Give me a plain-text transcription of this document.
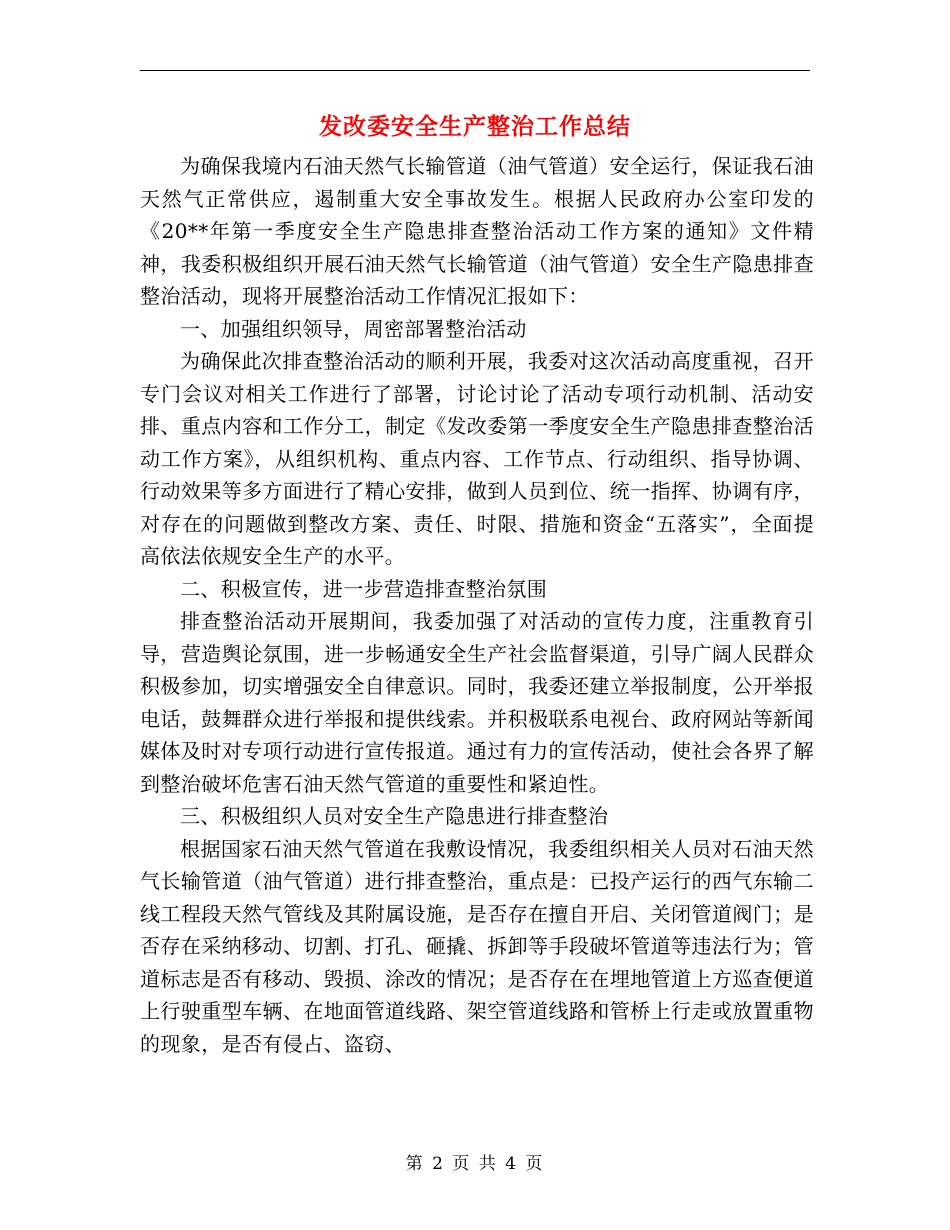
发改委安全生产整治工作总结

为确保我境内石油天然气长输管道（油气管道）安全运行，保证我石油天然气正常供应，遏制重大安全事故发生。根据人民政府办公室印发的《20**年第一季度安全生产隐患排查整治活动工作方案的通知》文件精神，我委积极组织开展石油天然气长输管道（油气管道）安全生产隐患排查整治活动，现将开展整治活动工作情况汇报如下：

一、加强组织领导，周密部署整治活动

为确保此次排查整治活动的顺利开展，我委对这次活动高度重视，召开专门会议对相关工作进行了部署，讨论讨论了活动专项行动机制、活动安排、重点内容和工作分工，制定《发改委第一季度安全生产隐患排查整治活动工作方案》，从组织机构、重点内容、工作节点、行动组织、指导协调、行动效果等多方面进行了精心安排，做到人员到位、统一指挥、协调有序，对存在的问题做到整改方案、责任、时限、措施和资金“五落实”，全面提高依法依规安全生产的水平。

二、积极宣传，进一步营造排查整治氛围

排查整治活动开展期间，我委加强了对活动的宣传力度，注重教育引导，营造舆论氛围，进一步畅通安全生产社会监督渠道，引导广阔人民群众积极参加，切实增强安全自律意识。同时，我委还建立举报制度，公开举报电话，鼓舞群众进行举报和提供线索。并积极联系电视台、政府网站等新闻媒体及时对专项行动进行宣传报道。通过有力的宣传活动，使社会各界了解到整治破坏危害石油天然气管道的重要性和紧迫性。

三、积极组织人员对安全生产隐患进行排查整治

根据国家石油天然气管道在我敷设情况，我委组织相关人员对石油天然气长输管道（油气管道）进行排查整治，重点是：已投产运行的西气东输二线工程段天然气管线及其附属设施，是否存在擅自开启、关闭管道阀门；是否存在采纳移动、切割、打孔、砸撬、拆卸等手段破坏管道等违法行为；管道标志是否有移动、毁损、涂改的情况；是否存在在埋地管道上方巡查便道上行驶重型车辆、在地面管道线路、架空管道线路和管桥上行走或放置重物的现象，是否有侵占、盗窃、

第 2 页 共 4 页
